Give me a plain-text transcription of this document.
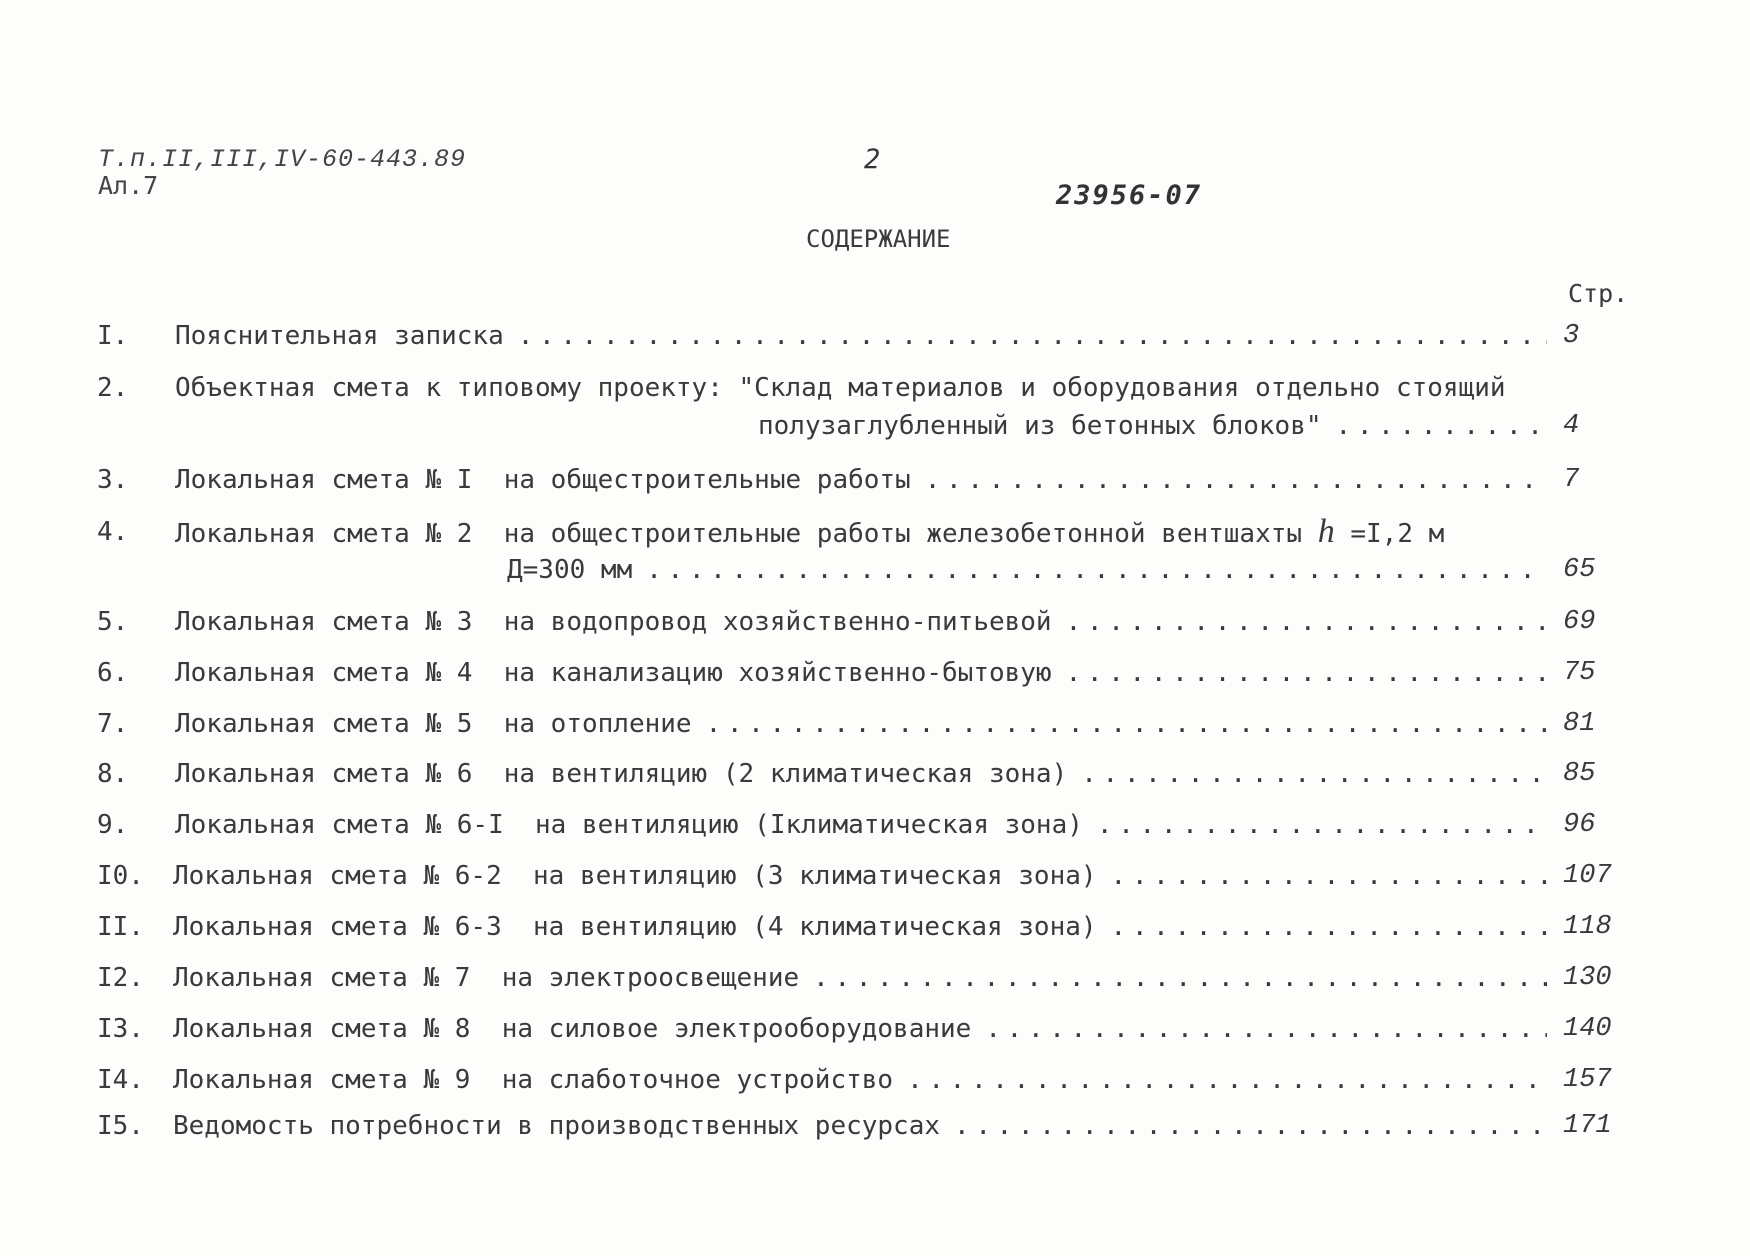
Т.п.II,III,IV-60-443.89
Ал.7
2
23956-07
СОДЕРЖАНИЕ
Стр.
I. Пояснительная записка . . .	3
2. Объектная смета к типовому проекту: "Склад материалов и оборудования отдельно стоящий
полузаглубленный из бетонных блоков" . . .	4
3. Локальная смета № I  на общестроительные работы . . .	7
4. Локальная смета № 2  на общестроительные работы железобетонной вентшахты
h =I,2 м
Д=300 мм . . .	65
5. Локальная смета № 3  на водопровод хозяйственно-питьевой . . .	69
6. Локальная смета № 4  на канализацию хозяйственно-бытовую . . .	75
7. Локальная смета № 5  на отопление . . .	81
8. Локальная смета № 6  на вентиляцию (2 климатическая зона) . . .	85
9. Локальная смета № 6-I  на вентиляцию (Iклиматическая зона) . . .	96
I0. Локальная смета № 6-2  на вентиляцию (3 климатическая зона) . . .	107
II. Локальная смета № 6-3  на вентиляцию (4 климатическая зона) . . .	118
I2. Локальная смета № 7  на электроосвещение . . .	130
I3. Локальная смета № 8  на силовое электрооборудование . . .	140
I4. Локальная смета № 9  на слаботочное устройство . . .	157
I5. Ведомость потребности в производственных ресурсах . . .	171
